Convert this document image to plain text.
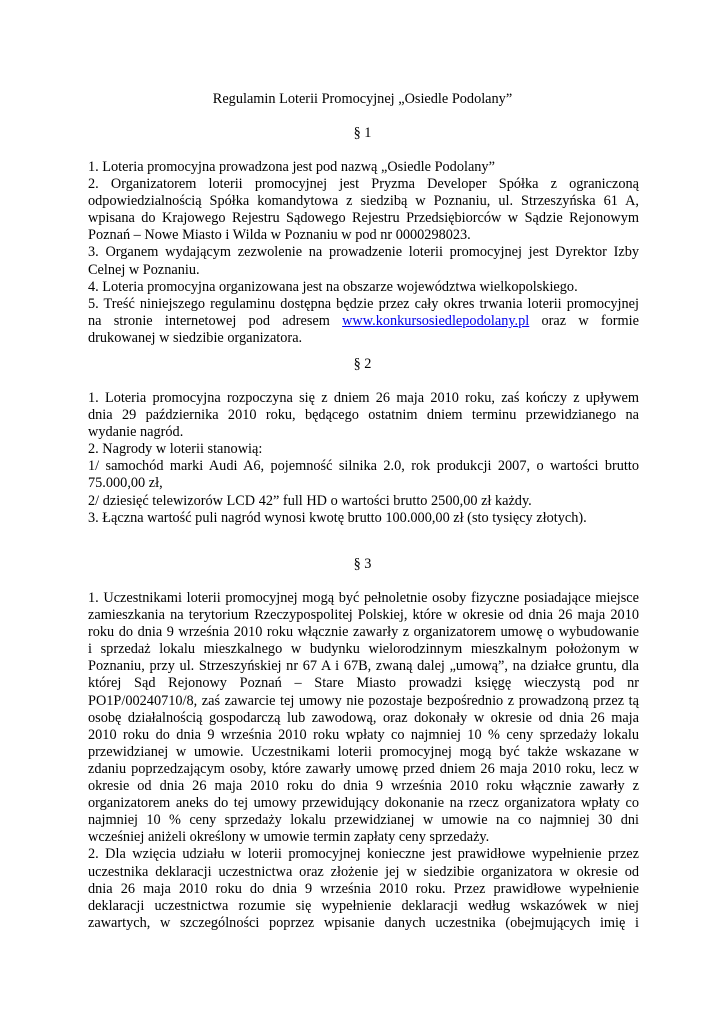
Regulamin Loterii Promocyjnej „Osiedle Podolany”
§ 1

1. Loteria promocyjna prowadzona jest pod nazwą „Osiedle Podolany”

2. Organizatorem loterii promocyjnej jest Pryzma Developer Spółka z ograniczoną

odpowiedzialnością Spółka komandytowa z siedzibą w Poznaniu, ul. Strzeszyńska 61 A,

wpisana do Krajowego Rejestru Sądowego Rejestru Przedsiębiorców w Sądzie Rejonowym

Poznań – Nowe Miasto i Wilda w Poznaniu w pod nr 0000298023.

3. Organem wydającym zezwolenie na prowadzenie loterii promocyjnej jest Dyrektor Izby

Celnej w Poznaniu.

4. Loteria promocyjna organizowana jest na obszarze województwa wielkopolskiego.

5. Treść niniejszego regulaminu dostępna będzie przez cały okres trwania loterii promocyjnej

na stronie internetowej pod adresem www.konkursosiedlepodolany.pl oraz w formie

drukowanej w siedzibie organizatora.

§ 2

1. Loteria promocyjna rozpoczyna się z dniem 26 maja 2010 roku, zaś kończy z upływem

dnia 29 października 2010 roku, będącego ostatnim dniem terminu przewidzianego na

wydanie nagród.

2. Nagrody w loterii stanowią:

1/ samochód marki Audi A6, pojemność silnika 2.0, rok produkcji 2007, o wartości brutto

75.000,00 zł,

2/ dziesięć telewizorów LCD 42” full HD o wartości brutto 2500,00 zł każdy.

3. Łączna wartość puli nagród wynosi kwotę brutto 100.000,00 zł (sto tysięcy złotych).

§ 3

1. Uczestnikami loterii promocyjnej mogą być pełnoletnie osoby fizyczne posiadające miejsce

zamieszkania na terytorium Rzeczypospolitej Polskiej, które w okresie od dnia 26 maja 2010

roku do dnia 9 września 2010 roku włącznie zawarły z organizatorem umowę o wybudowanie

i sprzedaż lokalu mieszkalnego w budynku wielorodzinnym mieszkalnym położonym w

Poznaniu, przy ul. Strzeszyńskiej nr 67 A i 67B, zwaną dalej „umową”, na działce gruntu, dla

której Sąd Rejonowy Poznań – Stare Miasto prowadzi księgę wieczystą pod nr

PO1P/00240710/8, zaś zawarcie tej umowy nie pozostaje bezpośrednio z prowadzoną przez tą

osobę działalnością gospodarczą lub zawodową, oraz dokonały w okresie od dnia 26 maja

2010 roku do dnia 9 września 2010 roku wpłaty co najmniej 10 % ceny sprzedaży lokalu

przewidzianej w umowie. Uczestnikami loterii promocyjnej mogą być także wskazane w

zdaniu poprzedzającym osoby, które zawarły umowę przed dniem 26 maja 2010 roku, lecz w

okresie od dnia 26 maja 2010 roku do dnia 9 września 2010 roku włącznie zawarły z

organizatorem aneks do tej umowy przewidujący dokonanie na rzecz organizatora wpłaty co

najmniej 10 % ceny sprzedaży lokalu przewidzianej w umowie na co najmniej 30 dni

wcześniej aniżeli określony w umowie termin zapłaty ceny sprzedaży.

2. Dla wzięcia udziału w loterii promocyjnej konieczne jest prawidłowe wypełnienie przez

uczestnika deklaracji uczestnictwa oraz złożenie jej w siedzibie organizatora w okresie od

dnia 26 maja 2010 roku do dnia 9 września 2010 roku. Przez prawidłowe wypełnienie

deklaracji uczestnictwa rozumie się wypełnienie deklaracji według wskazówek w niej

zawartych, w szczególności poprzez wpisanie danych uczestnika (obejmujących imię i
